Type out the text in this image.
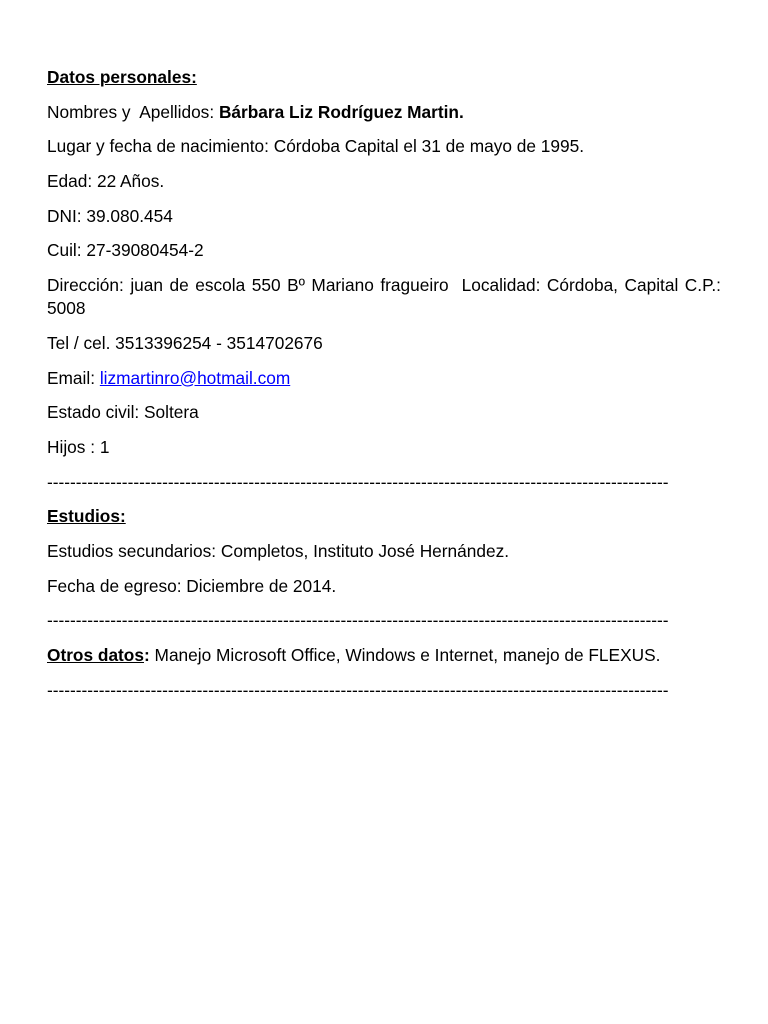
Datos personales:

Nombres y  Apellidos: Bárbara Liz Rodríguez Martin.

Lugar y fecha de nacimiento: Córdoba Capital el 31 de mayo de 1995.

Edad: 22 Años.

DNI: 39.080.454

Cuil: 27-39080454-2

Dirección: juan de escola 550 Bº Mariano fragueiro  Localidad: Córdoba, Capital C.P.: 5008

Tel / cel. 3513396254 - 3514702676

Email: lizmartinro@hotmail.com

Estado civil: Soltera

Hijos : 1

------------------------------------------------------------------------------------------------------------

Estudios:

Estudios secundarios: Completos, Instituto José Hernández.

Fecha de egreso: Diciembre de 2014.

------------------------------------------------------------------------------------------------------------

Otros datos: Manejo Microsoft Office, Windows e Internet, manejo de FLEXUS.

------------------------------------------------------------------------------------------------------------
